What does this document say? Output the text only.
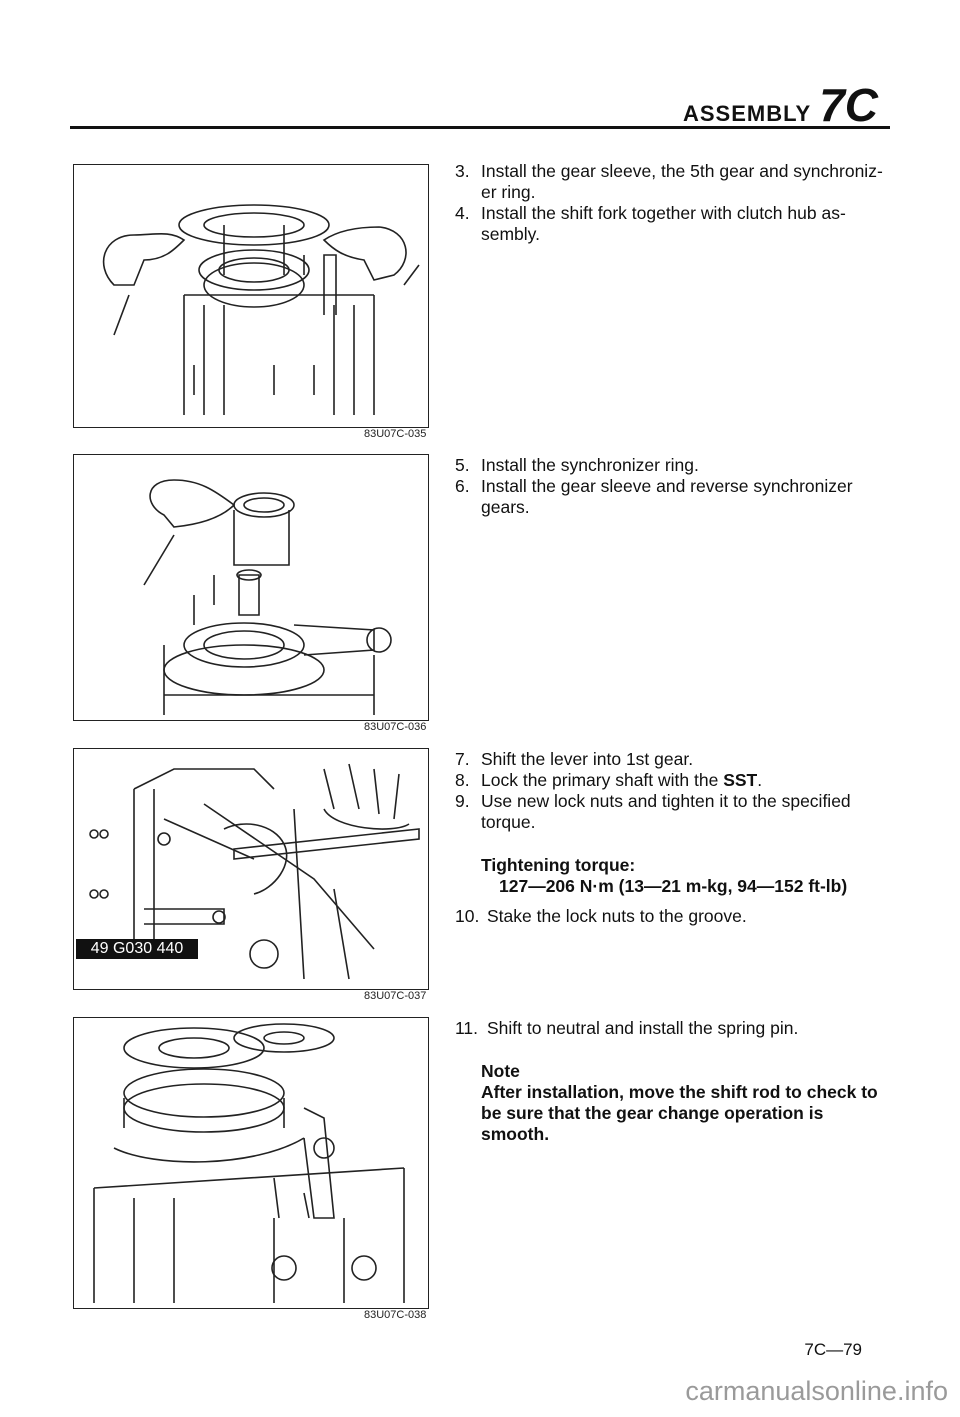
ASSEMBLY 7C
83U07C-035
83U07C-036
49 G030 440
83U07C-037
83U07C-038

3. Install the gear sleeve, the 5th gear and synchroniz-er ring.

4. Install the shift fork together with clutch hub as-sembly.

5. Install the synchronizer ring.

6. Install the gear sleeve and reverse synchronizer gears.

7. Shift the lever into 1st gear.

8. Lock the primary shaft with the SST.

9. Use new lock nuts and tighten it to the specified torque.

Tightening torque:
127—206 N·m (13—21 m-kg, 94—152 ft-lb)

10. Stake the lock nuts to the groove.

11. Shift to neutral and install the spring pin.

Note
After installation, move the shift rod to check to be sure that the gear change operation is smooth.
7C—79
carmanualsonline.info
